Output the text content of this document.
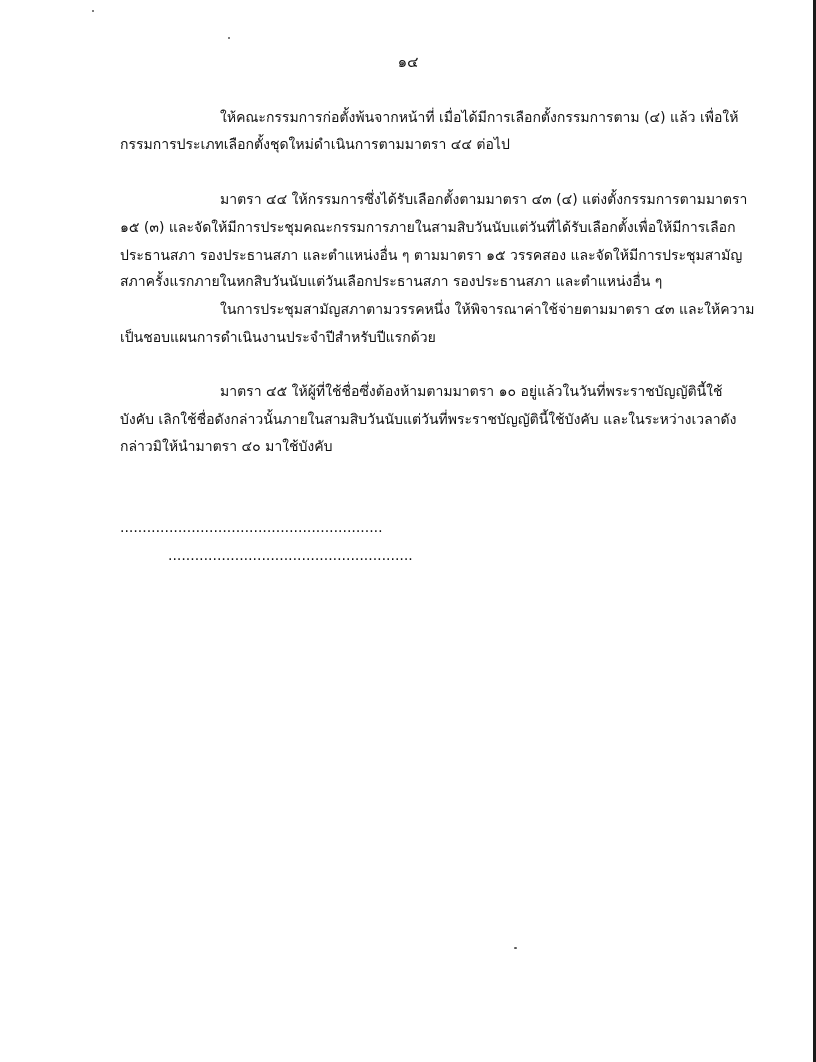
๑๔
ให้คณะกรรมการก่อตั้งพ้นจากหน้าที่ เมื่อได้มีการเลือกตั้งกรรมการตาม (๔) แล้ว เพื่อให้
กรรมการประเภทเลือกตั้งชุดใหม่ดำเนินการตามมาตรา ๔๔ ต่อไป
มาตรา ๔๔ ให้กรรมการซึ่งได้รับเลือกตั้งตามมาตรา ๔๓ (๔) แต่งตั้งกรรมการตามมาตรา
๑๕ (๓) และจัดให้มีการประชุมคณะกรรมการภายในสามสิบวันนับแต่วันที่ได้รับเลือกตั้งเพื่อให้มีการเลือก
ประธานสภา รองประธานสภา และตำแหน่งอื่น ๆ ตามมาตรา ๑๕ วรรคสอง และจัดให้มีการประชุมสามัญ
สภาครั้งแรกภายในหกสิบวันนับแต่วันเลือกประธานสภา รองประธานสภา และตำแหน่งอื่น ๆ
ในการประชุมสามัญสภาตามวรรคหนึ่ง ให้พิจารณาค่าใช้จ่ายตามมาตรา ๔๓ และให้ความ
เป็นชอบแผนการดำเนินงานประจำปีสำหรับปีแรกด้วย
มาตรา ๔๕ ให้ผู้ที่ใช้ชื่อซึ่งต้องห้ามตามมาตรา ๑๐ อยู่แล้วในวันที่พระราชบัญญัตินี้ใช้
บังคับ เลิกใช้ชื่อดังกล่าวนั้นภายในสามสิบวันนับแต่วันที่พระราชบัญญัตินี้ใช้บังคับ และในระหว่างเวลาดัง
กล่าวมิให้นำมาตรา ๔๐ มาใช้บังคับ
...........................................................
.......................................................
